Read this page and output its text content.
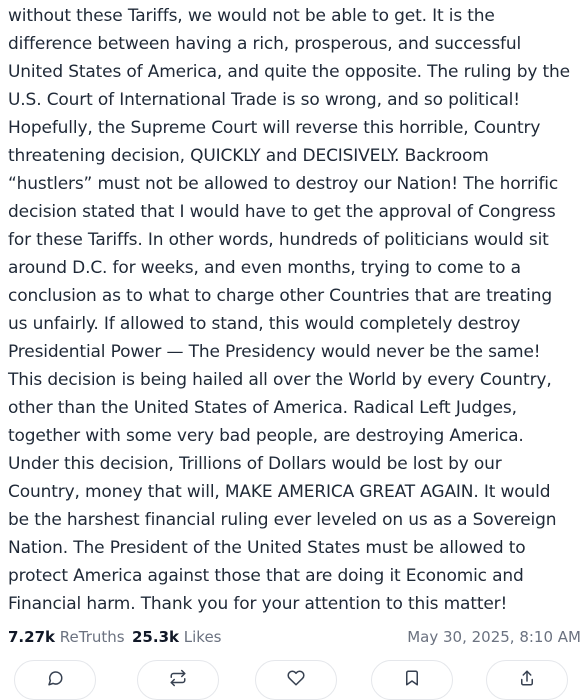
without these Tariffs, we would not be able to get. It is the
difference between having a rich, prosperous, and successful
United States of America, and quite the opposite. The ruling by the
U.S. Court of International Trade is so wrong, and so political!
Hopefully, the Supreme Court will reverse this horrible, Country
threatening decision, QUICKLY and DECISIVELY. Backroom
“hustlers” must not be allowed to destroy our Nation! The horrific
decision stated that I would have to get the approval of Congress
for these Tariffs. In other words, hundreds of politicians would sit
around D.C. for weeks, and even months, trying to come to a
conclusion as to what to charge other Countries that are treating
us unfairly. If allowed to stand, this would completely destroy
Presidential Power — The Presidency would never be the same!
This decision is being hailed all over the World by every Country,
other than the United States of America. Radical Left Judges,
together with some very bad people, are destroying America.
Under this decision, Trillions of Dollars would be lost by our
Country, money that will, MAKE AMERICA GREAT AGAIN. It would
be the harshest financial ruling ever leveled on us as a Sovereign
Nation. The President of the United States must be allowed to
protect America against those that are doing it Economic and
Financial harm. Thank you for your attention to this matter!
7.27k ReTruths 25.3k Likes	May 30, 2025, 8:10 AM
